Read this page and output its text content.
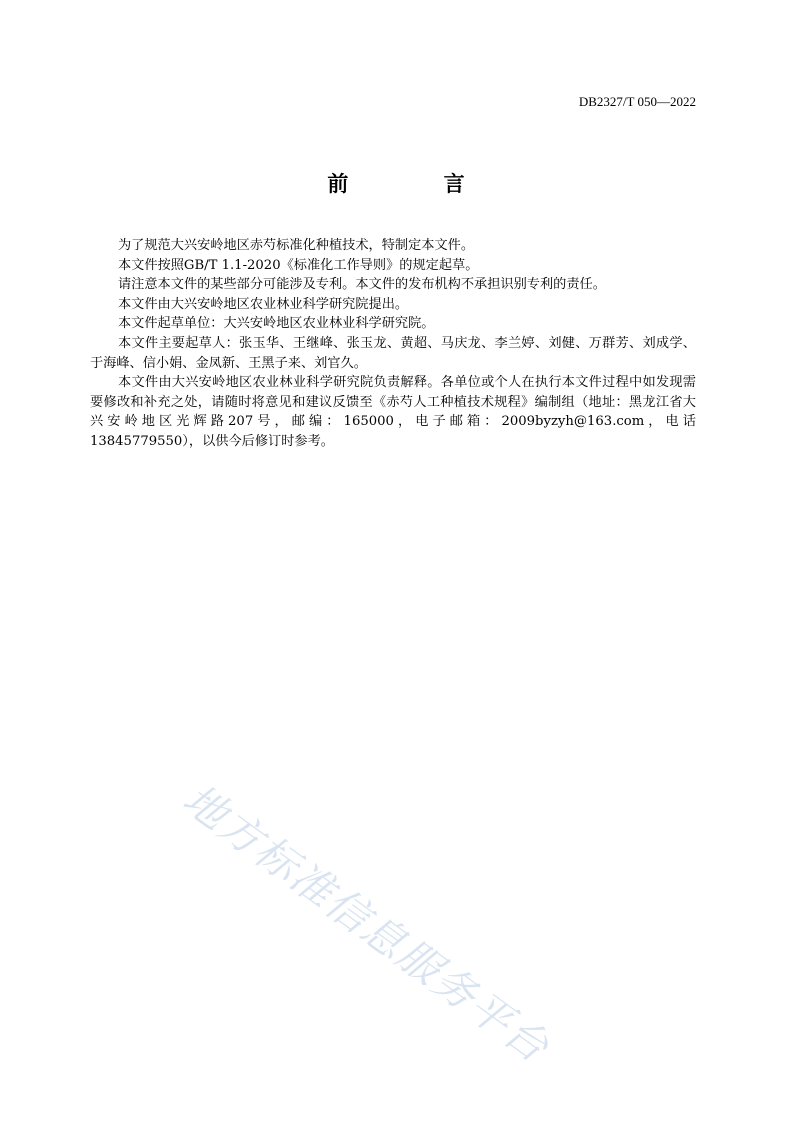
DB2327/T 050—2022
前 言

为了规范大兴安岭地区赤芍标准化种植技术，特制定本文件。

本文件按照GB/T 1.1-2020《标准化工作导则》的规定起草。

请注意本文件的某些部分可能涉及专利。本文件的发布机构不承担识别专利的责任。

本文件由大兴安岭地区农业林业科学研究院提出。

本文件起草单位：大兴安岭地区农业林业科学研究院。

本文件主要起草人：张玉华、王继峰、张玉龙、黄超、马庆龙、李兰婷、刘健、万群芳、刘成学、于海峰、信小娟、金凤新、王黑子来、刘官久。

本文件由大兴安岭地区农业林业科学研究院负责解释。各单位或个人在执行本文件过程中如发现需要修改和补充之处，请随时将意见和建议反馈至《赤芍人工种植技术规程》编制组（地址：黑龙江省大兴安岭地区光辉路207号，邮编：165000，电子邮箱：2009byzyh@163.com，电话13845779550），以供今后修订时参考。

地方标准信息服务平台
